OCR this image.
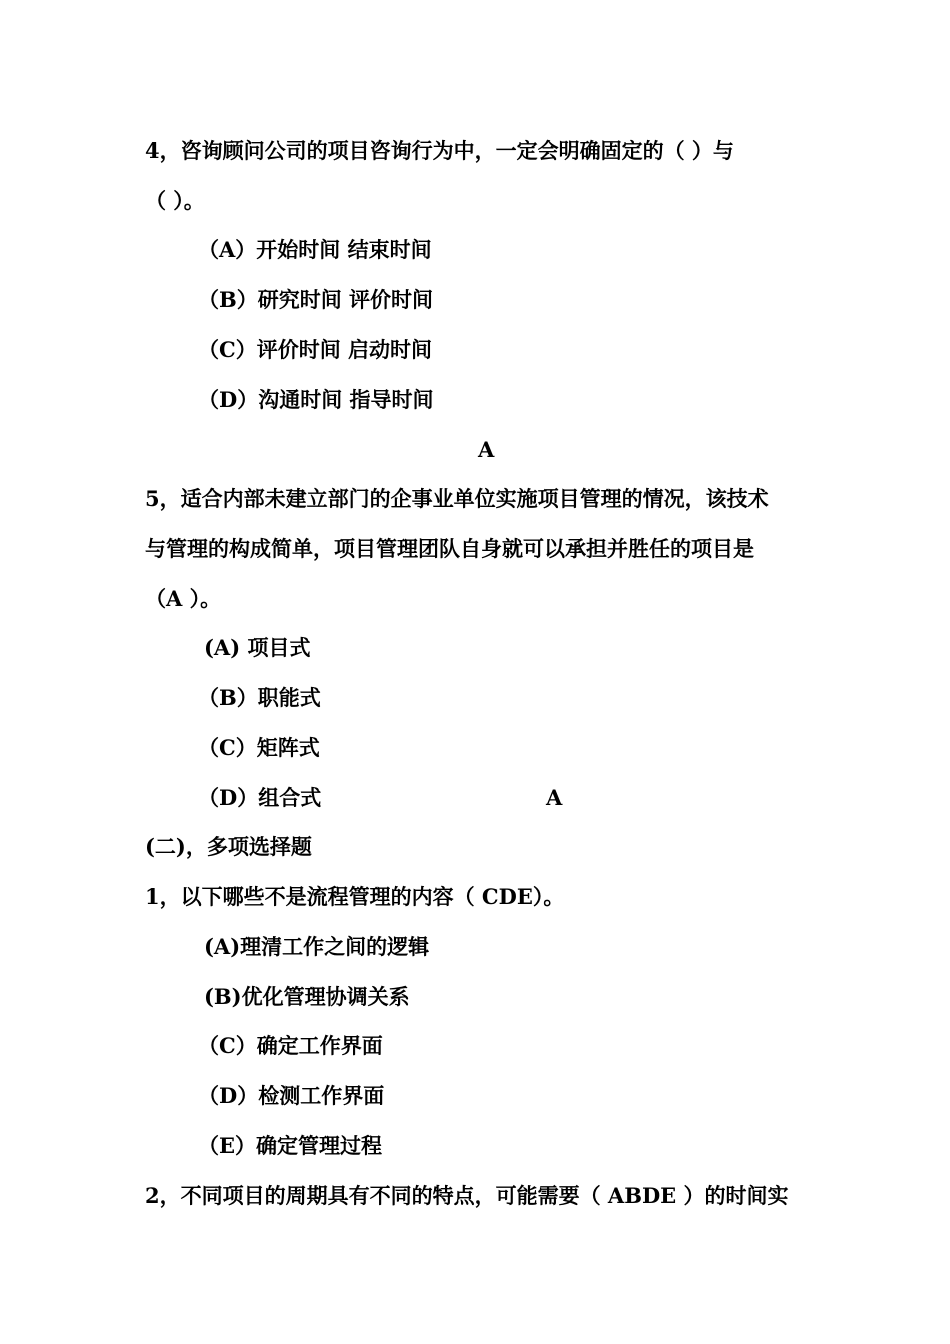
4，咨询顾问公司的项目咨询行为中，一定会明确固定的（ ）与
（ ）。
（A）开始时间 结束时间
（B）研究时间 评价时间
（C）评价时间 启动时间
（D）沟通时间 指导时间
A
5，适合内部未建立部门的企事业单位实施项目管理的情况，该技术
与管理的构成简单，项目管理团队自身就可以承担并胜任的项目是
（A ）。
(A) 项目式
（B）职能式
（C）矩阵式
（D）组合式	A
(二)，多项选择题
1，以下哪些不是流程管理的内容（ CDE）。
(A)理清工作之间的逻辑
(B)优化管理协调关系
（C）确定工作界面
（D）检测工作界面
（E）确定管理过程
2，不同项目的周期具有不同的特点，可能需要（ ABDE ）的时间实
